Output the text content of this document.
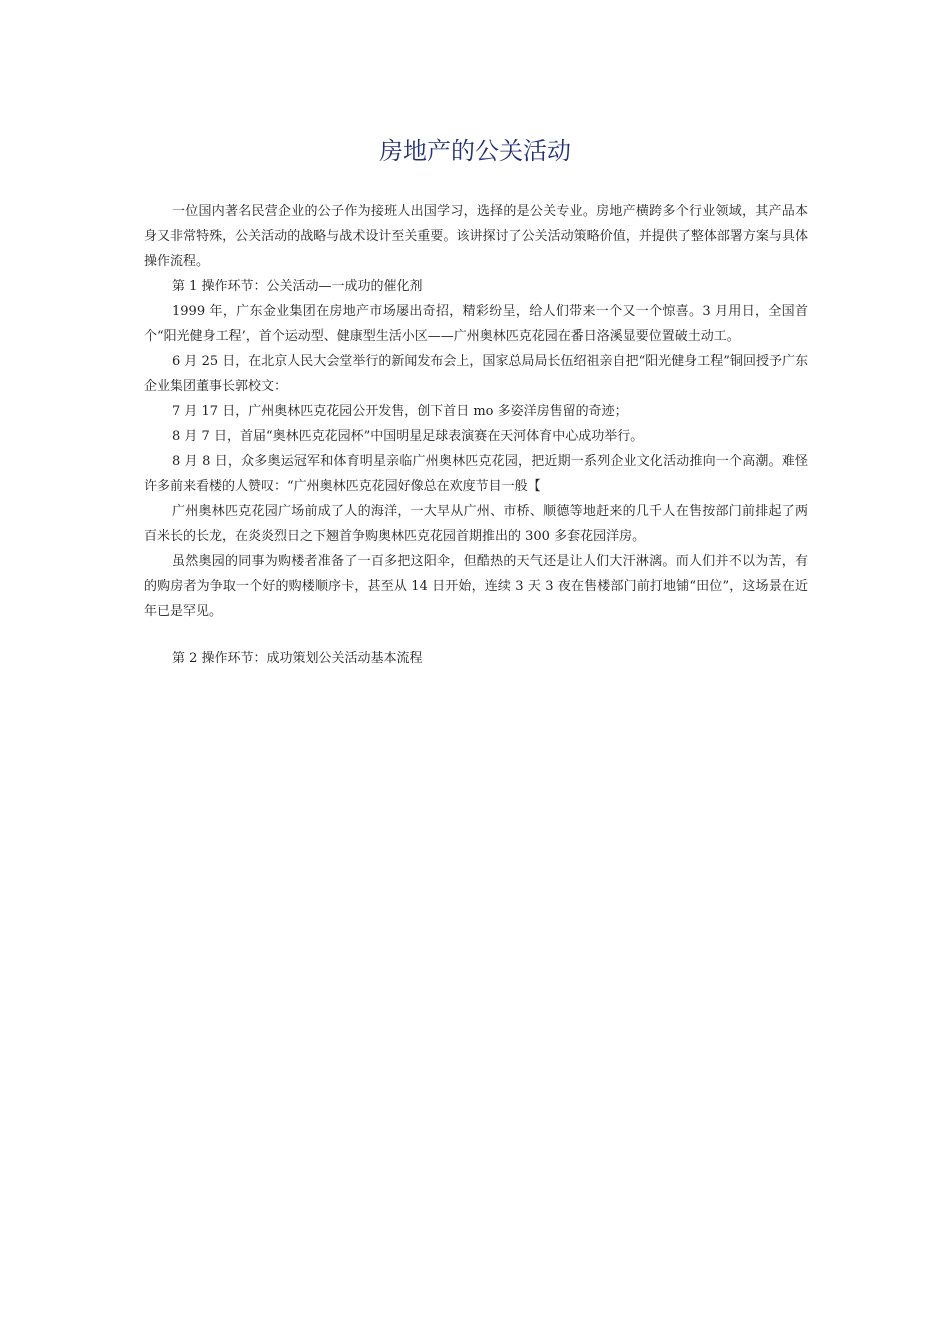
房地产的公关活动

一位国内著名民营企业的公子作为接班人出国学习，选择的是公关专业。房地产横跨多个行业领域，其产品本身又非常特殊，公关活动的战略与战术设计至关重要。该讲探讨了公关活动策略价值，并提供了整体部署方案与具体操作流程。

第 1 操作环节：公关活动—一成功的催化剂

1999 年，广东金业集团在房地产市场屡出奇招，精彩纷呈，给人们带来一个又一个惊喜。3 月用日，全国首个“阳光健身工程’，首个运动型、健康型生活小区——广州奥林匹克花园在番日洛溪显要位置破土动工。

6 月 25 日，在北京人民大会堂举行的新闻发布会上，国家总局局长伍绍祖亲自把“阳光健身工程”铜回授予广东企业集团董事长郭校文：

7 月 17 日，广州奥林匹克花园公开发售，创下首日 mo 多姿洋房售留的奇迹；

8 月 7 日，首届“奥林匹克花园杯”中国明星足球表演赛在天河体育中心成功举行。

8 月 8 日，众多奥运冠军和体育明星亲临广州奥林匹克花园，把近期一系列企业文化活动推向一个高潮。难怪许多前来看楼的人赞叹：“广州奥林匹克花园好像总在欢度节目一般【

广州奥林匹克花园广场前成了人的海洋，一大早从广州、市桥、顺德等地赶来的几千人在售按部门前排起了两百米长的长龙，在炎炎烈日之下翘首争购奥林匹克花园首期推出的 300 多套花园洋房。

虽然奥园的同事为购楼者准备了一百多把这阳伞，但酷热的天气还是让人们大汗淋漓。而人们并不以为苦，有的购房者为争取一个好的购楼顺序卡，甚至从 14 日开始，连续 3 天 3 夜在售楼部门前打地铺“田位”，这场景在近年已是罕见。

第 2 操作环节：成功策划公关活动基本流程
